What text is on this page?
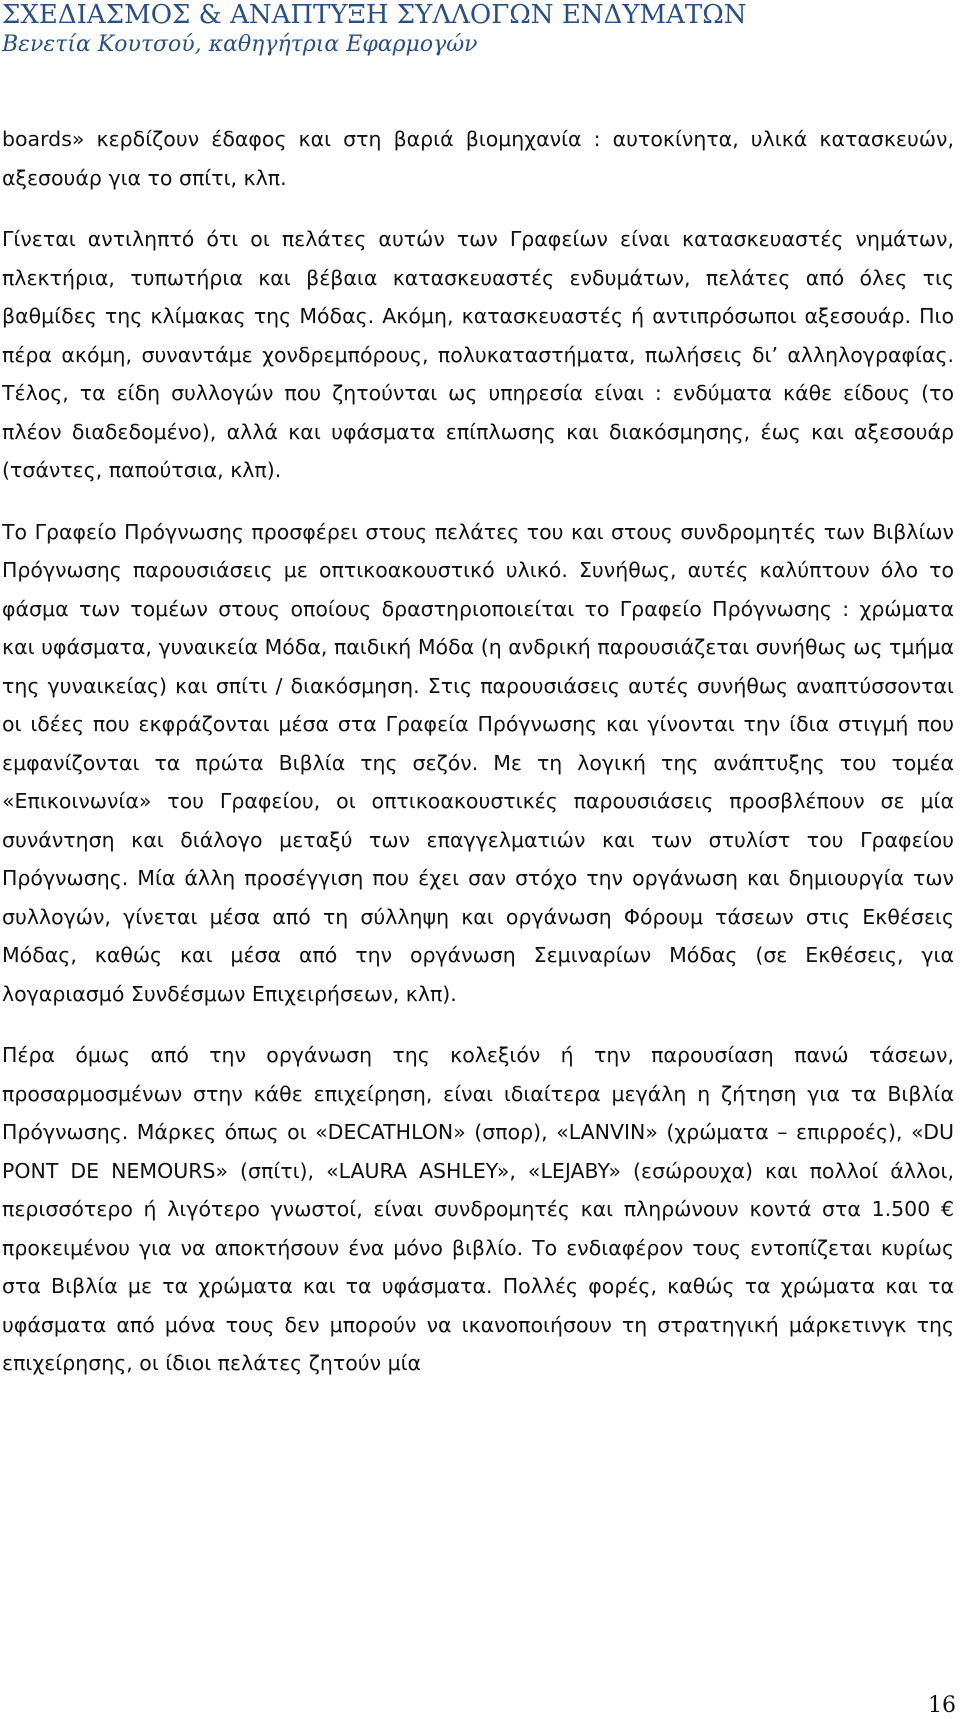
ΣΧΕΔΙΑΣΜΟΣ & ΑΝΑΠΤΥΞΗ ΣΥΛΛΟΓΩΝ ΕΝΔΥΜΑΤΩΝ
Βενετία Κουτσού, καθηγήτρια Εφαρμογών

boards» κερδίζουν έδαφος και στη βαριά βιομηχανία : αυτοκίνητα, υλικά κατασκευών, αξεσουάρ για το σπίτι, κλπ.

Γίνεται αντιληπτό ότι οι πελάτες αυτών των Γραφείων είναι κατασκευαστές νημάτων, πλεκτήρια, τυπωτήρια και βέβαια κατασκευαστές ενδυμάτων, πελάτες από όλες τις βαθμίδες της κλίμακας της Μόδας. Ακόμη, κατασκευαστές ή αντιπρόσωποι αξεσουάρ. Πιο πέρα ακόμη, συναντάμε χονδρεμπόρους, πολυκαταστήματα, πωλήσεις δι’ αλληλογραφίας. Τέλος, τα είδη συλλογών που ζητούνται ως υπηρεσία είναι : ενδύματα κάθε είδους (το πλέον διαδεδομένο), αλλά και υφάσματα επίπλωσης και διακόσμησης, έως και αξεσουάρ (τσάντες, παπούτσια, κλπ).

Το Γραφείο Πρόγνωσης προσφέρει στους πελάτες του και στους συνδρομητές των Βιβλίων Πρόγνωσης παρουσιάσεις με οπτικοακουστικό υλικό. Συνήθως, αυτές καλύπτουν όλο το φάσμα των τομέων στους οποίους δραστηριοποιείται το Γραφείο Πρόγνωσης : χρώματα και υφάσματα, γυναικεία Μόδα, παιδική Μόδα (η ανδρική παρουσιάζεται συνήθως ως τμήμα της γυναικείας) και σπίτι / διακόσμηση. Στις παρουσιάσεις αυτές συνήθως αναπτύσσονται οι ιδέες που εκφράζονται μέσα στα Γραφεία Πρόγνωσης και γίνονται την ίδια στιγμή που εμφανίζονται τα πρώτα Βιβλία της σεζόν. Με τη λογική της ανάπτυξης του τομέα «Επικοινωνία» του Γραφείου, οι οπτικοακουστικές παρουσιάσεις προσβλέπουν σε μία συνάντηση και διάλογο μεταξύ των επαγγελματιών και των στυλίστ του Γραφείου Πρόγνωσης. Μία άλλη προσέγγιση που έχει σαν στόχο την οργάνωση και δημιουργία των συλλογών, γίνεται μέσα από τη σύλληψη και οργάνωση Φόρουμ τάσεων στις Εκθέσεις Μόδας, καθώς και μέσα από την οργάνωση Σεμιναρίων Μόδας (σε Εκθέσεις, για λογαριασμό Συνδέσμων Επιχειρήσεων, κλπ).

Πέρα όμως από την οργάνωση της κολεξιόν ή την παρουσίαση πανώ τάσεων, προσαρμοσμένων στην κάθε επιχείρηση, είναι ιδιαίτερα μεγάλη η ζήτηση για τα Βιβλία Πρόγνωσης. Μάρκες όπως οι «DECATHLON» (σπορ), «LANVIN» (χρώματα – επιρροές), «DU PONT DE NEMOURS» (σπίτι), «LAURA ASHLEY», «LEJABY» (εσώρουχα) και πολλοί άλλοι, περισσότερο ή λιγότερο γνωστοί, είναι συνδρομητές και πληρώνουν κοντά στα 1.500 € προκειμένου για να αποκτήσουν ένα μόνο βιβλίο. Το ενδιαφέρον τους εντοπίζεται κυρίως στα Βιβλία με τα χρώματα και τα υφάσματα. Πολλές φορές, καθώς τα χρώματα και τα υφάσματα από μόνα τους δεν μπορούν να ικανοποιήσουν τη στρατηγική μάρκετινγκ της επιχείρησης, οι ίδιοι πελάτες ζητούν μία

16
